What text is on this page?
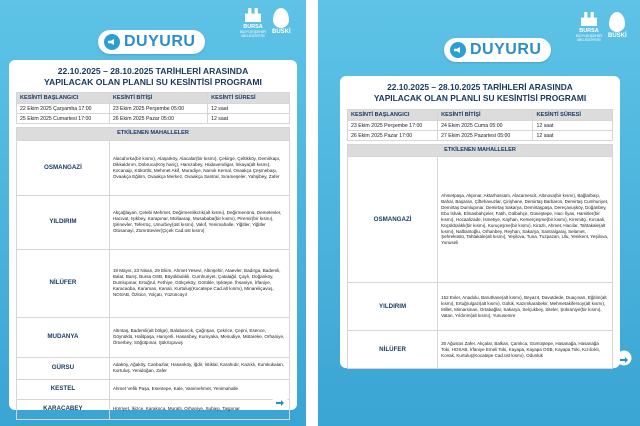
DUYURU
BURSA
BÜYÜKŞEHİR
BELEDİYESİ
BUSKİ
22.10.2025 – 28.10.2025 TARİHLERİ ARASINDA
YAPILACAK OLAN PLANLI SU KESİNTİSİ PROGRAMI
KESİNTİ BAŞLANGICI	KESİNTİ BİTİŞİ	KESİNTİ SÜRESİ
22 Ekim 2025 Çarşamba 17:00	23 Ekim 2025 Perşembe 05:00	12 saat
25 Ekim 2025 Cumartesi 17:00	26 Ekim 2025 Pazar 05:00	12 saat
ETKİLENEN MAHALLELER	
OSMANGAZİ	Alacahırka(bir kısmı), Alaşarköy, Alacalar(bir kısmı), Çekirge, Çeltikköy, Demirkapı, Dikkaldırım, Dobruca(Köy hariç), Hamzabey, Hüdavendigar, İnkaya(alt kısmı), Kocanaip, Kükürtlü, Mehmet Akif, Muradiye, Namık Kemal, Ovaakça Çeşmebaşı, Ovaakça Eğitim, Ovaakça Merkez, Ovaakça Santral, Sırameşeler, Yahşibey, Zafer
YILDIRIM	Akçağlayan, Çelebi Mehmet, Değirmenlikızık(alt kısmı), Değirmenönü, Demetevler, Hacıvat, Işıkbey, Karapınar, Mollaarap, Musababa(bir kısmı), Piremir(bir kısmı), Şirinevler, Teferrüç, Umurbey(üst kısmı), Vakıf, Yenimahalle, Yiğitler, Yiğitler Otosanayi, Zümrütevler(Çiçek Cad.üst kısmı)
NİLÜFER	19 Mayıs, 23 Nisan, 29 Ekim, Ahmet Yesevi, Altınşehir, Ataevler, Badırga, Bademli, Balat, Barış, Bursa OSB, Büyükbalıklı, Cumhuriyet, Çatalağıl, Çaylı, Doğanköy, Dumlupınar, Ertuğrul, Fethiye, Gökçeköy, Görükle, Işıktepe, İhsaniye, İrfaniye, Karacaoba, Karaman, Kanalı, Kurtuluş(Kocatepe Cad.alt kısmı), Minareliçavuş, NOSAB, Özlüce, Yolçatı, Yüzüncüyıl
MUDANYA	Altıntaş, Bademli(alt bölge), Balabancık, Çağrışan, Çekrice, Çepni, Esence, Göynüklü, Halitpaşa, Hançerli, Hasanbey, Kumyaka, Mesudiye, Mütareke, Orhaniye, Ömerbey, Söğütpınar, Şükrüçavuş
GÜRSU	Adaköy, Ağaköy, Canbazlar, Hasanköy, İğdir, İstiklal, Karahıdır, Kazıklı, Kumkukalan, Kurtuluş, Yenidoğan, Zafer
KESTEL	Ahmet Vefik Paşa, Esentepe, Kale, Vanimehmet, Yenimahalle
KARACABEY	Hürriyet, İkizce, Karakoca, Muratlı, Orhaniye, Subaşı, Taşpınar
DUYURU
BURSA
BÜYÜKŞEHİR
BELEDİYESİ
BUSKİ
22.10.2025 – 28.10.2025 TARİHLERİ ARASINDA
YAPILACAK OLAN PLANLI SU KESİNTİSİ PROGRAMI
KESİNTİ BAŞLANGICI	KESİNTİ BİTİŞİ	KESİNTİ SÜRESİ
23 Ekim 2025 Perşembe 17:00	24 Ekim 2025 Cuma 05:00	12 saat
26 Ekim 2025 Pazar 17:00	27 Ekim 2025 Pazartesi 05:00	12 saat
ETKİLENEN MAHALLELER	
OSMANGAZİ	Ahmetpaşa, Akpınar, Aktarhüssam, Alacamescit, Altınova(bir kısmı), Bağlarbaşı, Bahar, Başaran, Çiftehavuzlar, Çirişhane, Demirtaş Barbaros, Demirtaş Cumhuriyet, Demirtaş Dumlupınar, Demirtaş Sakarya, Demirtaşpaşa, Dereçavuşköy, Doğanbey, Ebu İshak, Elmasbahçeler, Fatih, Gülbahçe, Güneştepe, Hacı İlyas, Hamitler(bir kısmı), Hocaalizade, İsmetiye, Kayhan, Kemerçeşme(bir kısmı), Kiremitçi, Kırcaali, Küçükbalıklı(bir kısmı), Kuruçeşme(bir kısmı), Kirazlı, Ahmet, Hacılar, Tahtakale(alt kısmı), Nalbantoğlu, Orhanbey, Reyhan, Sakarya, Santralgaraj, Selamet, Şehreküstü, Tahtakale(alt kısmı), Yeşilova, Tuna, Tuzpazarı, Ulu, Yenikent, Yeşilova, Yunuseli
YILDIRIM	152 Evler, Anadolu, Baruthane(alt kısmı), Beyazıt, Davutdede, Duaçınarı, Eğitim(alt kısmı), Ertuğrulgazi(alt kısmı), Gülük, Kazımkarabekir, Mehmetakifersoy(alt kısmı), Millet, Mimarsinan, Ortabağlar, Sakarya, Selçukbey, Siteler, Şükraniye(bir kısmı), Vatan, Yıldırım(alt kısmı), Yunusemre
NİLÜFER	30 Ağustos Zafer, Akçalar, Balkan, Çamlıca, Gümüştepe, Hasanağa, Hasanağa Toki, HOSAB, İrfaniye Emeli Toki, Kayapa, Kayapa OSB, Kayapa Toki, Kızılcıklı, Konak, Kurtuluş(Kocatepe Cad.üst kısmı), Odunluk
